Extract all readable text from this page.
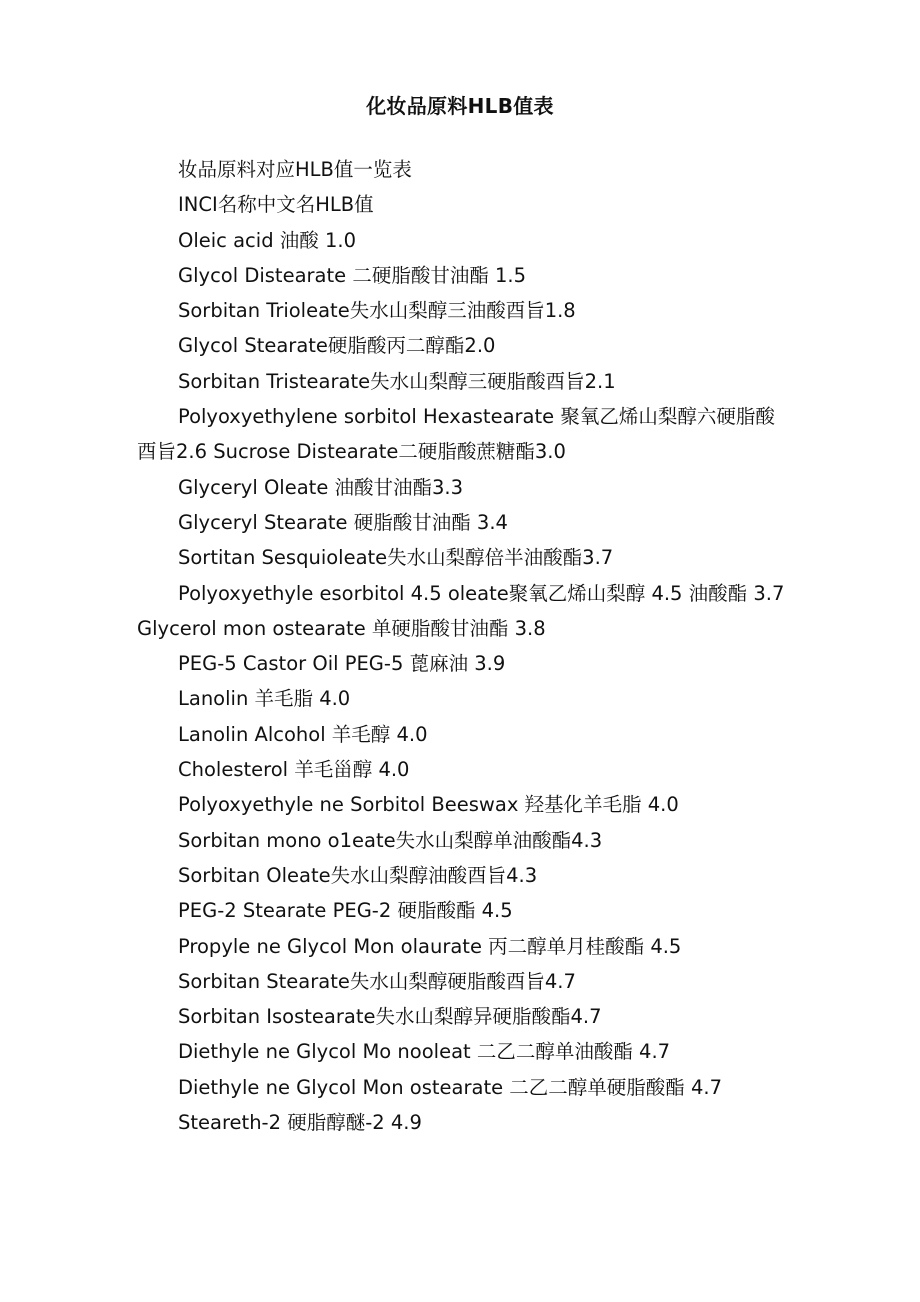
化妆品原料HLB值表
妆品原料对应HLB值一览表
INCI名称中文名HLB值
Oleic acid 油酸 1.0
Glycol Distearate 二硬脂酸甘油酯 1.5
Sorbitan Trioleate失水山梨醇三油酸酉旨1.8
Glycol Stearate硬脂酸丙二醇酯2.0
Sorbitan Tristearate失水山梨醇三硬脂酸酉旨2.1
Polyoxyethylene sorbitol Hexastearate 聚氧乙烯山梨醇六硬脂酸酉旨2.6 Sucrose Distearate二硬脂酸蔗糖酯3.0
Glyceryl Oleate 油酸甘油酯3.3
Glyceryl Stearate 硬脂酸甘油酯 3.4
Sortitan Sesquioleate失水山梨醇倍半油酸酯3.7
Polyoxyethyle esorbitol 4.5 oleate聚氧乙烯山梨醇 4.5 油酸酯 3.7 Glycerol mon ostearate 单硬脂酸甘油酯 3.8
PEG-5 Castor Oil PEG-5 蓖麻油 3.9
Lanolin 羊毛脂 4.0
Lanolin Alcohol 羊毛醇 4.0
Cholesterol 羊毛甾醇 4.0
Polyoxyethyle ne Sorbitol Beeswax 羟基化羊毛脂 4.0
Sorbitan mono o1eate失水山梨醇单油酸酯4.3
Sorbitan Oleate失水山梨醇油酸酉旨4.3
PEG-2 Stearate PEG-2 硬脂酸酯 4.5
Propyle ne Glycol Mon olaurate 丙二醇单月桂酸酯 4.5
Sorbitan Stearate失水山梨醇硬脂酸酉旨4.7
Sorbitan Isostearate失水山梨醇异硬脂酸酯4.7
Diethyle ne Glycol Mo nooleat 二乙二醇单油酸酯 4.7
Diethyle ne Glycol Mon ostearate 二乙二醇单硬脂酸酯 4.7
Steareth-2 硬脂醇醚-2 4.9
